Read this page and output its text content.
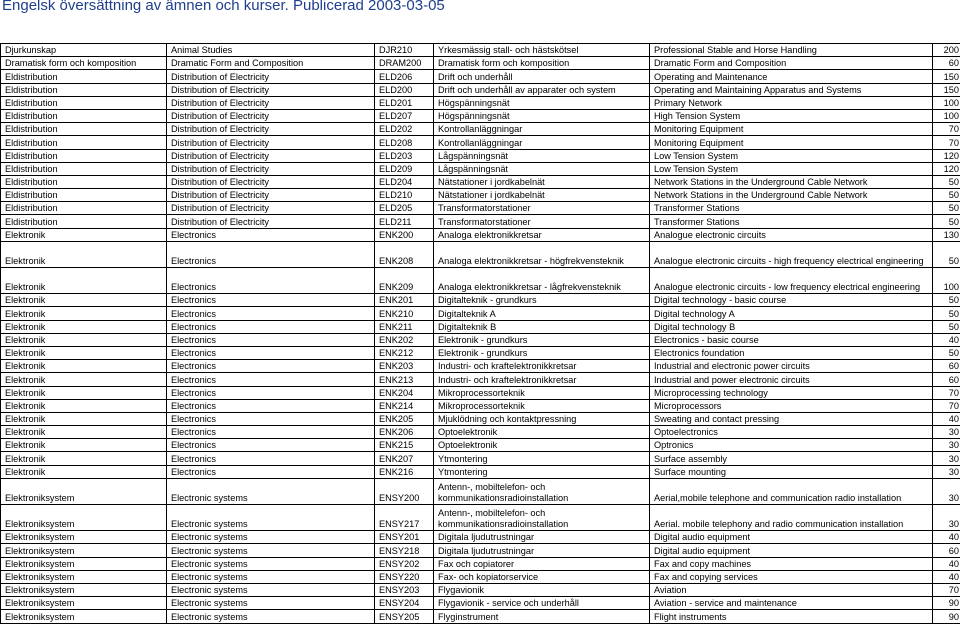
Engelsk översättning av ämnen och kurser. Publicerad 2003-03-05
Djurkunskap	Animal Studies	DJR210	Yrkesmässig stall- och hästskötsel	Professional Stable and Horse Handling	200
Dramatisk form och komposition	Dramatic Form and Composition	DRAM200	Dramatisk form och komposition	Dramatic Form and Composition	60
Eldistribution	Distribution of Electricity	ELD206	Drift och underhåll	Operating and Maintenance	150
Eldistribution	Distribution of Electricity	ELD200	Drift och underhåll av apparater och system	Operating and Maintaining Apparatus and Systems	150
Eldistribution	Distribution of Electricity	ELD201	Högspänningsnät	Primary Network	100
Eldistribution	Distribution of Electricity	ELD207	Högspänningsnät	High Tension System	100
Eldistribution	Distribution of Electricity	ELD202	Kontrollanläggningar	Monitoring Equipment	70
Eldistribution	Distribution of Electricity	ELD208	Kontrollanläggningar	Monitoring Equipment	70
Eldistribution	Distribution of Electricity	ELD203	Lågspänningsnät	Low Tension System	120
Eldistribution	Distribution of Electricity	ELD209	Lågspänningsnät	Low Tension System	120
Eldistribution	Distribution of Electricity	ELD204	Nätstationer i jordkabelnät	Network Stations in the Underground Cable Network	50
Eldistribution	Distribution of Electricity	ELD210	Nätstationer i jordkabelnät	Network Stations in the Underground Cable Network	50
Eldistribution	Distribution of Electricity	ELD205	Transformatorstationer	Transformer Stations	50
Eldistribution	Distribution of Electricity	ELD211	Transformatorstationer	Transformer Stations	50
Elektronik	Electronics	ENK200	Analoga elektronikkretsar	Analogue electronic circuits	130
Elektronik	Electronics	ENK208	Analoga elektronikkretsar - högfrekvensteknik	Analogue electronic circuits - high frequency electrical engineering	50
Elektronik	Electronics	ENK209	Analoga elektronikkretsar - lågfrekvensteknik	Analogue electronic circuits - low frequency electrical engineering	100
Elektronik	Electronics	ENK201	Digitalteknik - grundkurs	Digital technology - basic course	50
Elektronik	Electronics	ENK210	Digitalteknik A	Digital technology A	50
Elektronik	Electronics	ENK211	Digitalteknik B	Digital technology B	50
Elektronik	Electronics	ENK202	Elektronik - grundkurs	Electronics - basic course	40
Elektronik	Electronics	ENK212	Elektronik - grundkurs	Electronics foundation	50
Elektronik	Electronics	ENK203	Industri- och kraftelektronikkretsar	Industrial and electronic power circuits	60
Elektronik	Electronics	ENK213	Industri- och kraftelektronikkretsar	Industrial and power electronic circuits	60
Elektronik	Electronics	ENK204	Mikroprocessorteknik	Microprocessing technology	70
Elektronik	Electronics	ENK214	Mikroprocessorteknik	Microprocessors	70
Elektronik	Electronics	ENK205	Mjuklödning och kontaktpressning	Sweating and contact pressing	40
Elektronik	Electronics	ENK206	Optoelektronik	Optoelectronics	30
Elektronik	Electronics	ENK215	Optoelektronik	Optronics	30
Elektronik	Electronics	ENK207	Ytmontering	Surface assembly	30
Elektronik	Electronics	ENK216	Ytmontering	Surface mounting	30
Elektroniksystem	Electronic systems	ENSY200	Antenn-, mobiltelefon- och kommunikationsradioinstallation	Aerial,mobile telephone and communication radio installation	30
Elektroniksystem	Electronic systems	ENSY217	Antenn-, mobiltelefon- och kommunikationsradioinstallation	Aerial. mobile telephony and radio communication installation	30
Elektroniksystem	Electronic systems	ENSY201	Digitala ljudutrustningar	Digital audio equipment	40
Elektroniksystem	Electronic systems	ENSY218	Digitala ljudutrustningar	Digital audio equipment	60
Elektroniksystem	Electronic systems	ENSY202	Fax och copiatorer	Fax and copy machines	40
Elektroniksystem	Electronic systems	ENSY220	Fax- och kopiatorservice	Fax and copying services	40
Elektroniksystem	Electronic systems	ENSY203	Flygavionik	Aviation	70
Elektroniksystem	Electronic systems	ENSY204	Flygavionik - service och underhåll	Aviation - service and maintenance	90
Elektroniksystem	Electronic systems	ENSY205	Flyginstrument	Flight instruments	90
